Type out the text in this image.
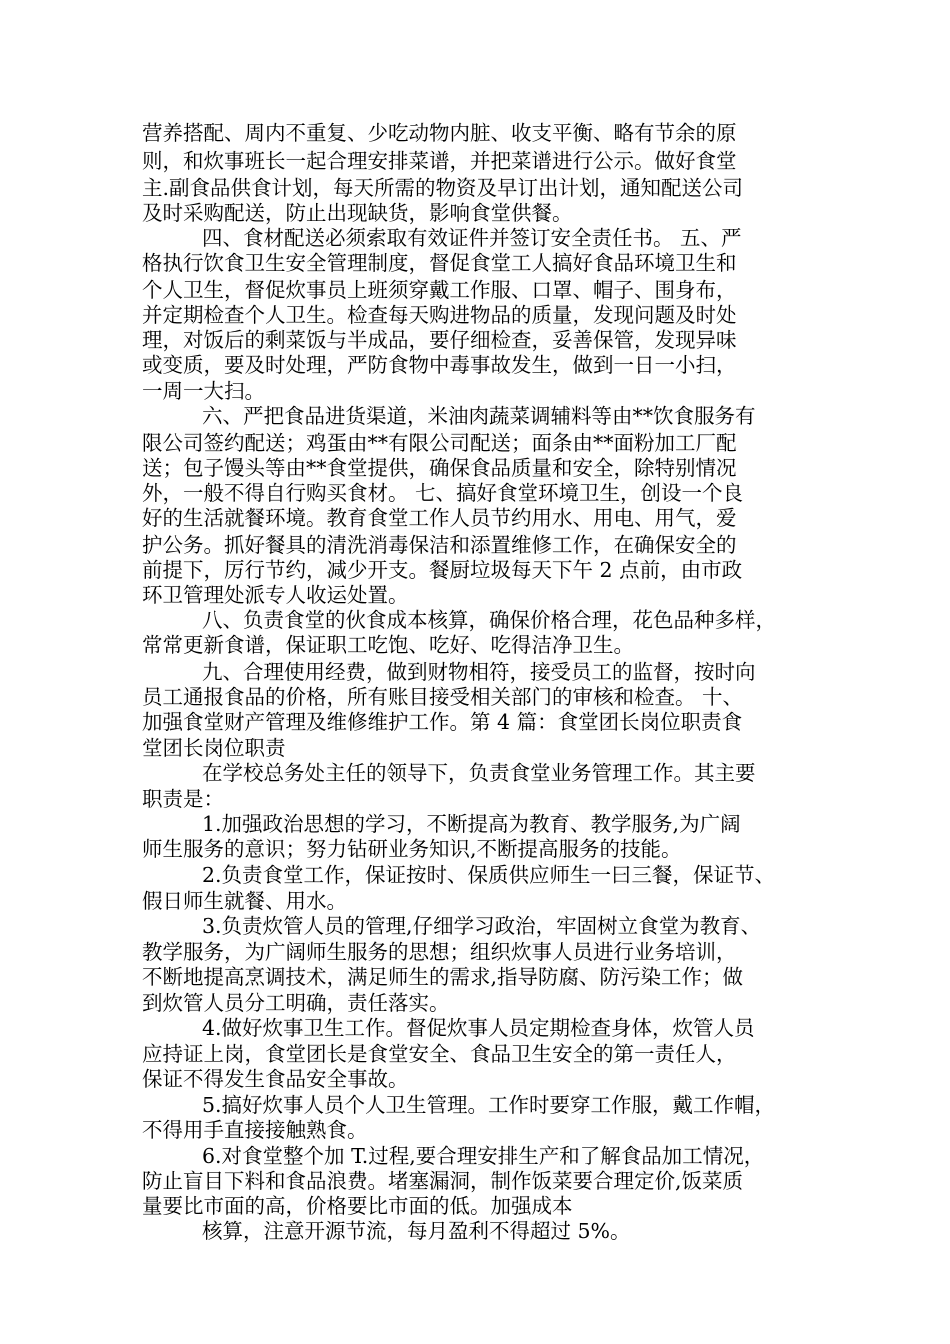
营养搭配、周内不重复、少吃动物内脏、收支平衡、略有节余的原
则，和炊事班长一起合理安排菜谱，并把菜谱进行公示。做好食堂
主.副食品供食计划，每天所需的物资及早订出计划，通知配送公司
及时采购配送，防止出现缺货，影响食堂供餐。
四、食材配送必须索取有效证件并签订安全责任书。 五、严
格执行饮食卫生安全管理制度，督促食堂工人搞好食品环境卫生和
个人卫生，督促炊事员上班须穿戴工作服、口罩、帽子、围身布，
并定期检查个人卫生。检查每天购进物品的质量，发现问题及时处
理，对饭后的剩菜饭与半成品，要仔细检查，妥善保管，发现异味
或变质，要及时处理，严防食物中毒事故发生，做到一日一小扫，
一周一大扫。
六、严把食品进货渠道，米油肉蔬菜调辅料等由**饮食服务有
限公司签约配送；鸡蛋由**有限公司配送；面条由**面粉加工厂配
送；包子馒头等由**食堂提供，确保食品质量和安全，除特别情况
外，一般不得自行购买食材。 七、搞好食堂环境卫生，创设一个良
好的生活就餐环境。教育食堂工作人员节约用水、用电、用气，爱
护公务。抓好餐具的清洗消毒保洁和添置维修工作，在确保安全的
前提下，厉行节约，减少开支。餐厨垃圾每天下午 2 点前，由市政
环卫管理处派专人收运处置。
八、负责食堂的伙食成本核算，确保价格合理，花色品种多样，
常常更新食谱，保证职工吃饱、吃好、吃得洁净卫生。
九、合理使用经费，做到财物相符，接受员工的监督，按时向
员工通报食品的价格，所有账目接受相关部门的审核和检查。 十、
加强食堂财产管理及维修维护工作。第 4 篇：食堂团长岗位职责食
堂团长岗位职责
在学校总务处主任的领导下，负责食堂业务管理工作。其主要
职责是：
1.加强政治思想的学习，不断提高为教育、教学服务,为广阔
师生服务的意识；努力钻研业务知识,不断提高服务的技能。
2.负责食堂工作，保证按时、保质供应师生一曰三餐，保证节、
假日师生就餐、用水。
3.负责炊管人员的管理,仔细学习政治，牢固树立食堂为教育、
教学服务，为广阔师生服务的思想；组织炊事人员进行业务培训，
不断地提高烹调技术，满足师生的需求,指导防腐、防污染工作；做
到炊管人员分工明确，责任落实。
4.做好炊事卫生工作。督促炊事人员定期检查身体，炊管人员
应持证上岗，食堂团长是食堂安全、食品卫生安全的第一责任人，
保证不得发生食品安全事故。
5.搞好炊事人员个人卫生管理。工作时要穿工作服，戴工作帽，
不得用手直接接触熟食。
6.对食堂整个加 T.过程,要合理安排生产和了解食品加工情况，
防止盲目下料和食品浪费。堵塞漏洞，制作饭菜要合理定价,饭菜质
量要比市面的高，价格要比市面的低。加强成本
核算，注意开源节流，每月盈利不得超过 5%。
